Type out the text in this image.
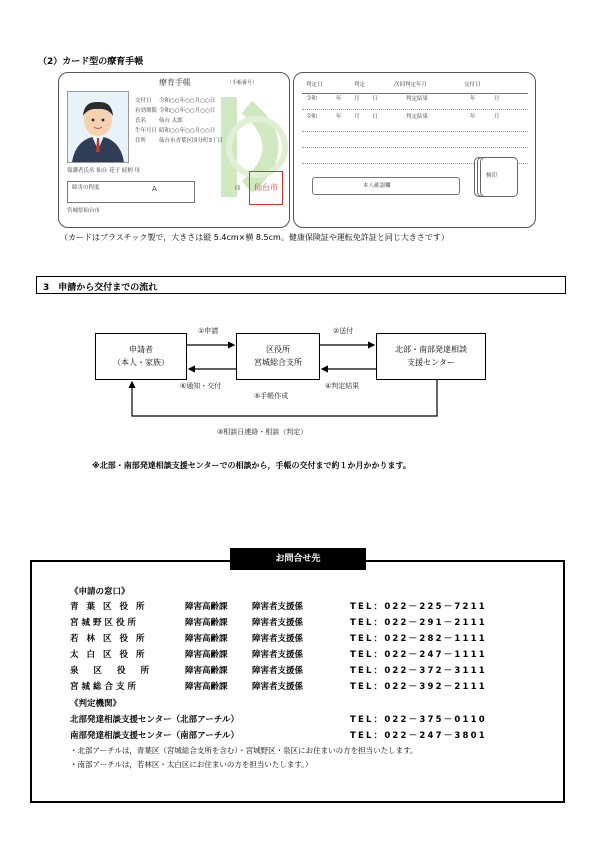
（2）カード型の療育手帳
療育手帳	（手帳番号）
交付日 令和○○年○○月○○日
有効期限 令和○○年○○月○○日
氏名 仙台 太郎
生年月日 昭和○○年○○月○○日
住所 仙台市青葉区国分町3丁目
保護者氏名 仙台 花子 続柄 母
障害の程度	A
宮城県仙台市
仙台市
印
判定日	判定	次回判定年月	交付日
令和	年 月 日	判定結果	年	月
令和	年 月 日	判定結果	年	月
本人確認欄
検印
（カードはプラスチック製で，大きさは縦 5.4cm×横 8.5cm。健康保険証や運転免許証と同じ大きさです）
3　申請から交付までの流れ
申請者
（本人・家族）
区役所
宮城総合支所
北部・南部発達相談
支援センター
①申請	②送付
⑥通知・交付	④判定結果
⑤手帳作成
③相談日連絡・相談（判定）
※北部・南部発達相談支援センターでの相談から，手帳の交付まで約１か月かかります。
お問合せ先
《申請の窓口》
青葉区役所	障害高齢課	障害者支援係	TEL：022－225－7211
宮城野区役所	障害高齢課	障害者支援係	TEL：022－291－2111
若林区役所	障害高齢課	障害者支援係	TEL：022－282－1111
太白区役所	障害高齢課	障害者支援係	TEL：022－247－1111
泉区役所 障害高齢課	障害者支援係	TEL：022－372－3111
宮城総合支所	障害高齢課	障害者支援係	TEL：022－392－2111
《判定機関》
北部発達相談支援センター（北部アーチル）	TEL：022－375－0110
南部発達相談支援センター（南部アーチル）	TEL：022－247－3801
・北部アーチルは，青葉区（宮城総合支所を含む）・宮城野区・泉区にお住まいの方を担当いたします。
・南部アーチルは，若林区・太白区にお住まいの方を担当いたします。）
